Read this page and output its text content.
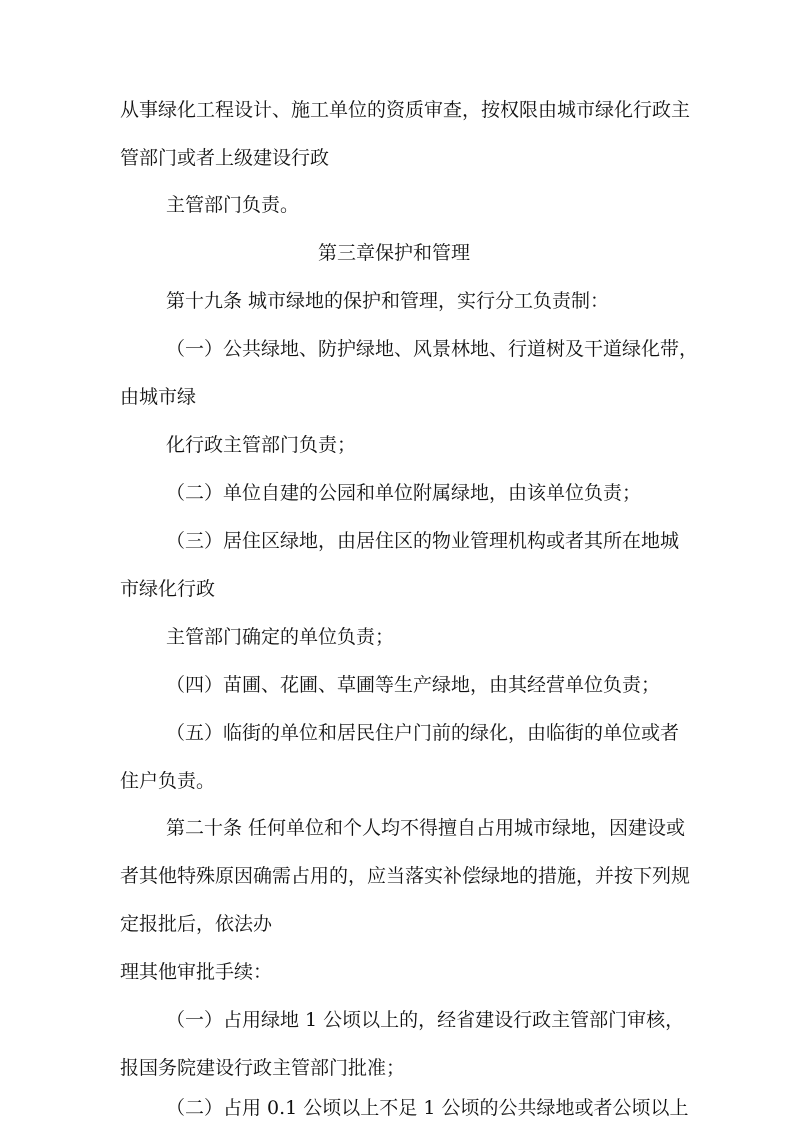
从事绿化工程设计、施工单位的资质审查，按权限由城市绿化行政主
管部门或者上级建设行政
主管部门负责。
第三章保护和管理
第十九条 城市绿地的保护和管理，实行分工负责制：
（一）公共绿地、防护绿地、风景林地、行道树及干道绿化带，
由城市绿
化行政主管部门负责；
（二）单位自建的公园和单位附属绿地，由该单位负责；
（三）居住区绿地，由居住区的物业管理机构或者其所在地城
市绿化行政
主管部门确定的单位负责；
（四）苗圃、花圃、草圃等生产绿地，由其经营单位负责；
（五）临街的单位和居民住户门前的绿化，由临街的单位或者
住户负责。
第二十条 任何单位和个人均不得擅自占用城市绿地，因建设或
者其他特殊原因确需占用的，应当落实补偿绿地的措施，并按下列规
定报批后，依法办
理其他审批手续：
（一）占用绿地 1 公顷以上的，经省建设行政主管部门审核，
报国务院建设行政主管部门批准；
（二）占用 0.1 公顷以上不足 1 公顷的公共绿地或者公顷以上
